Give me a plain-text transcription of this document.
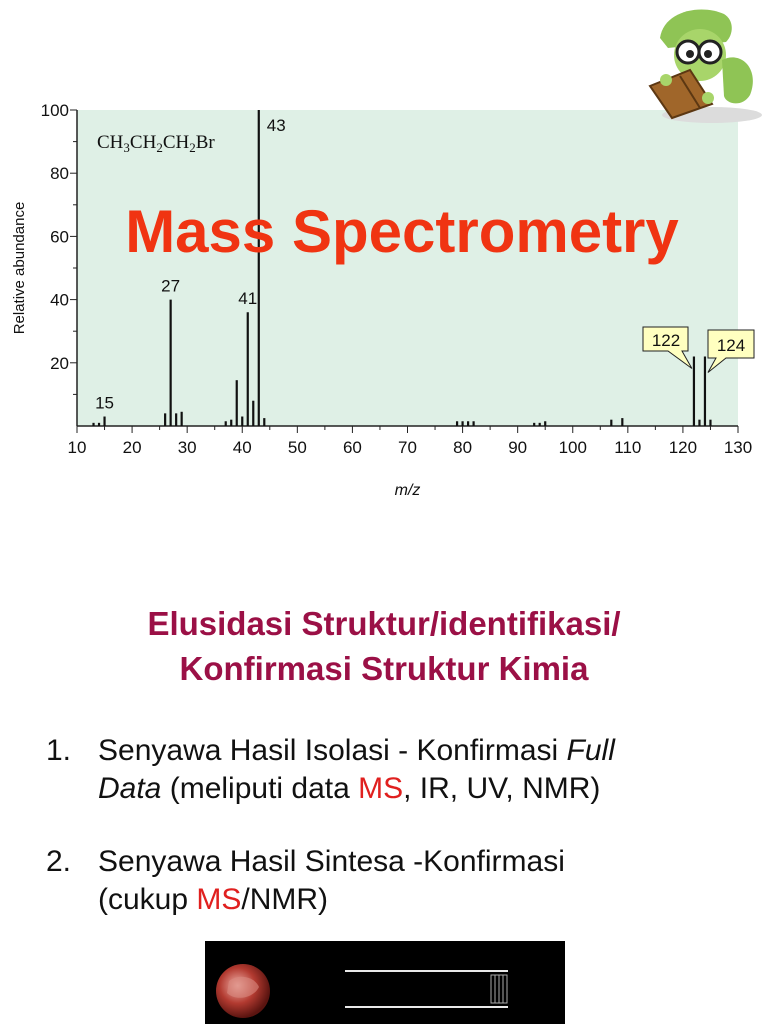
10 20 30 40 50 60 70 80 90 100 110 120 130
20
40
60
80
100
Relative abundance
m/z
$CH_3CH_2CH_2Br$
15
27
41
43
122 124
Mass Spectrometry
Elusidasi Struktur/identifikasi/
Konfirmasi Struktur Kimia
1. Senyawa Hasil Isolasi - Konfirmasi Full
Data (meliputi data MS, IR, UV, NMR)
2. Senyawa Hasil Sintesa -Konfirmasi
(cukup MS/NMR)
